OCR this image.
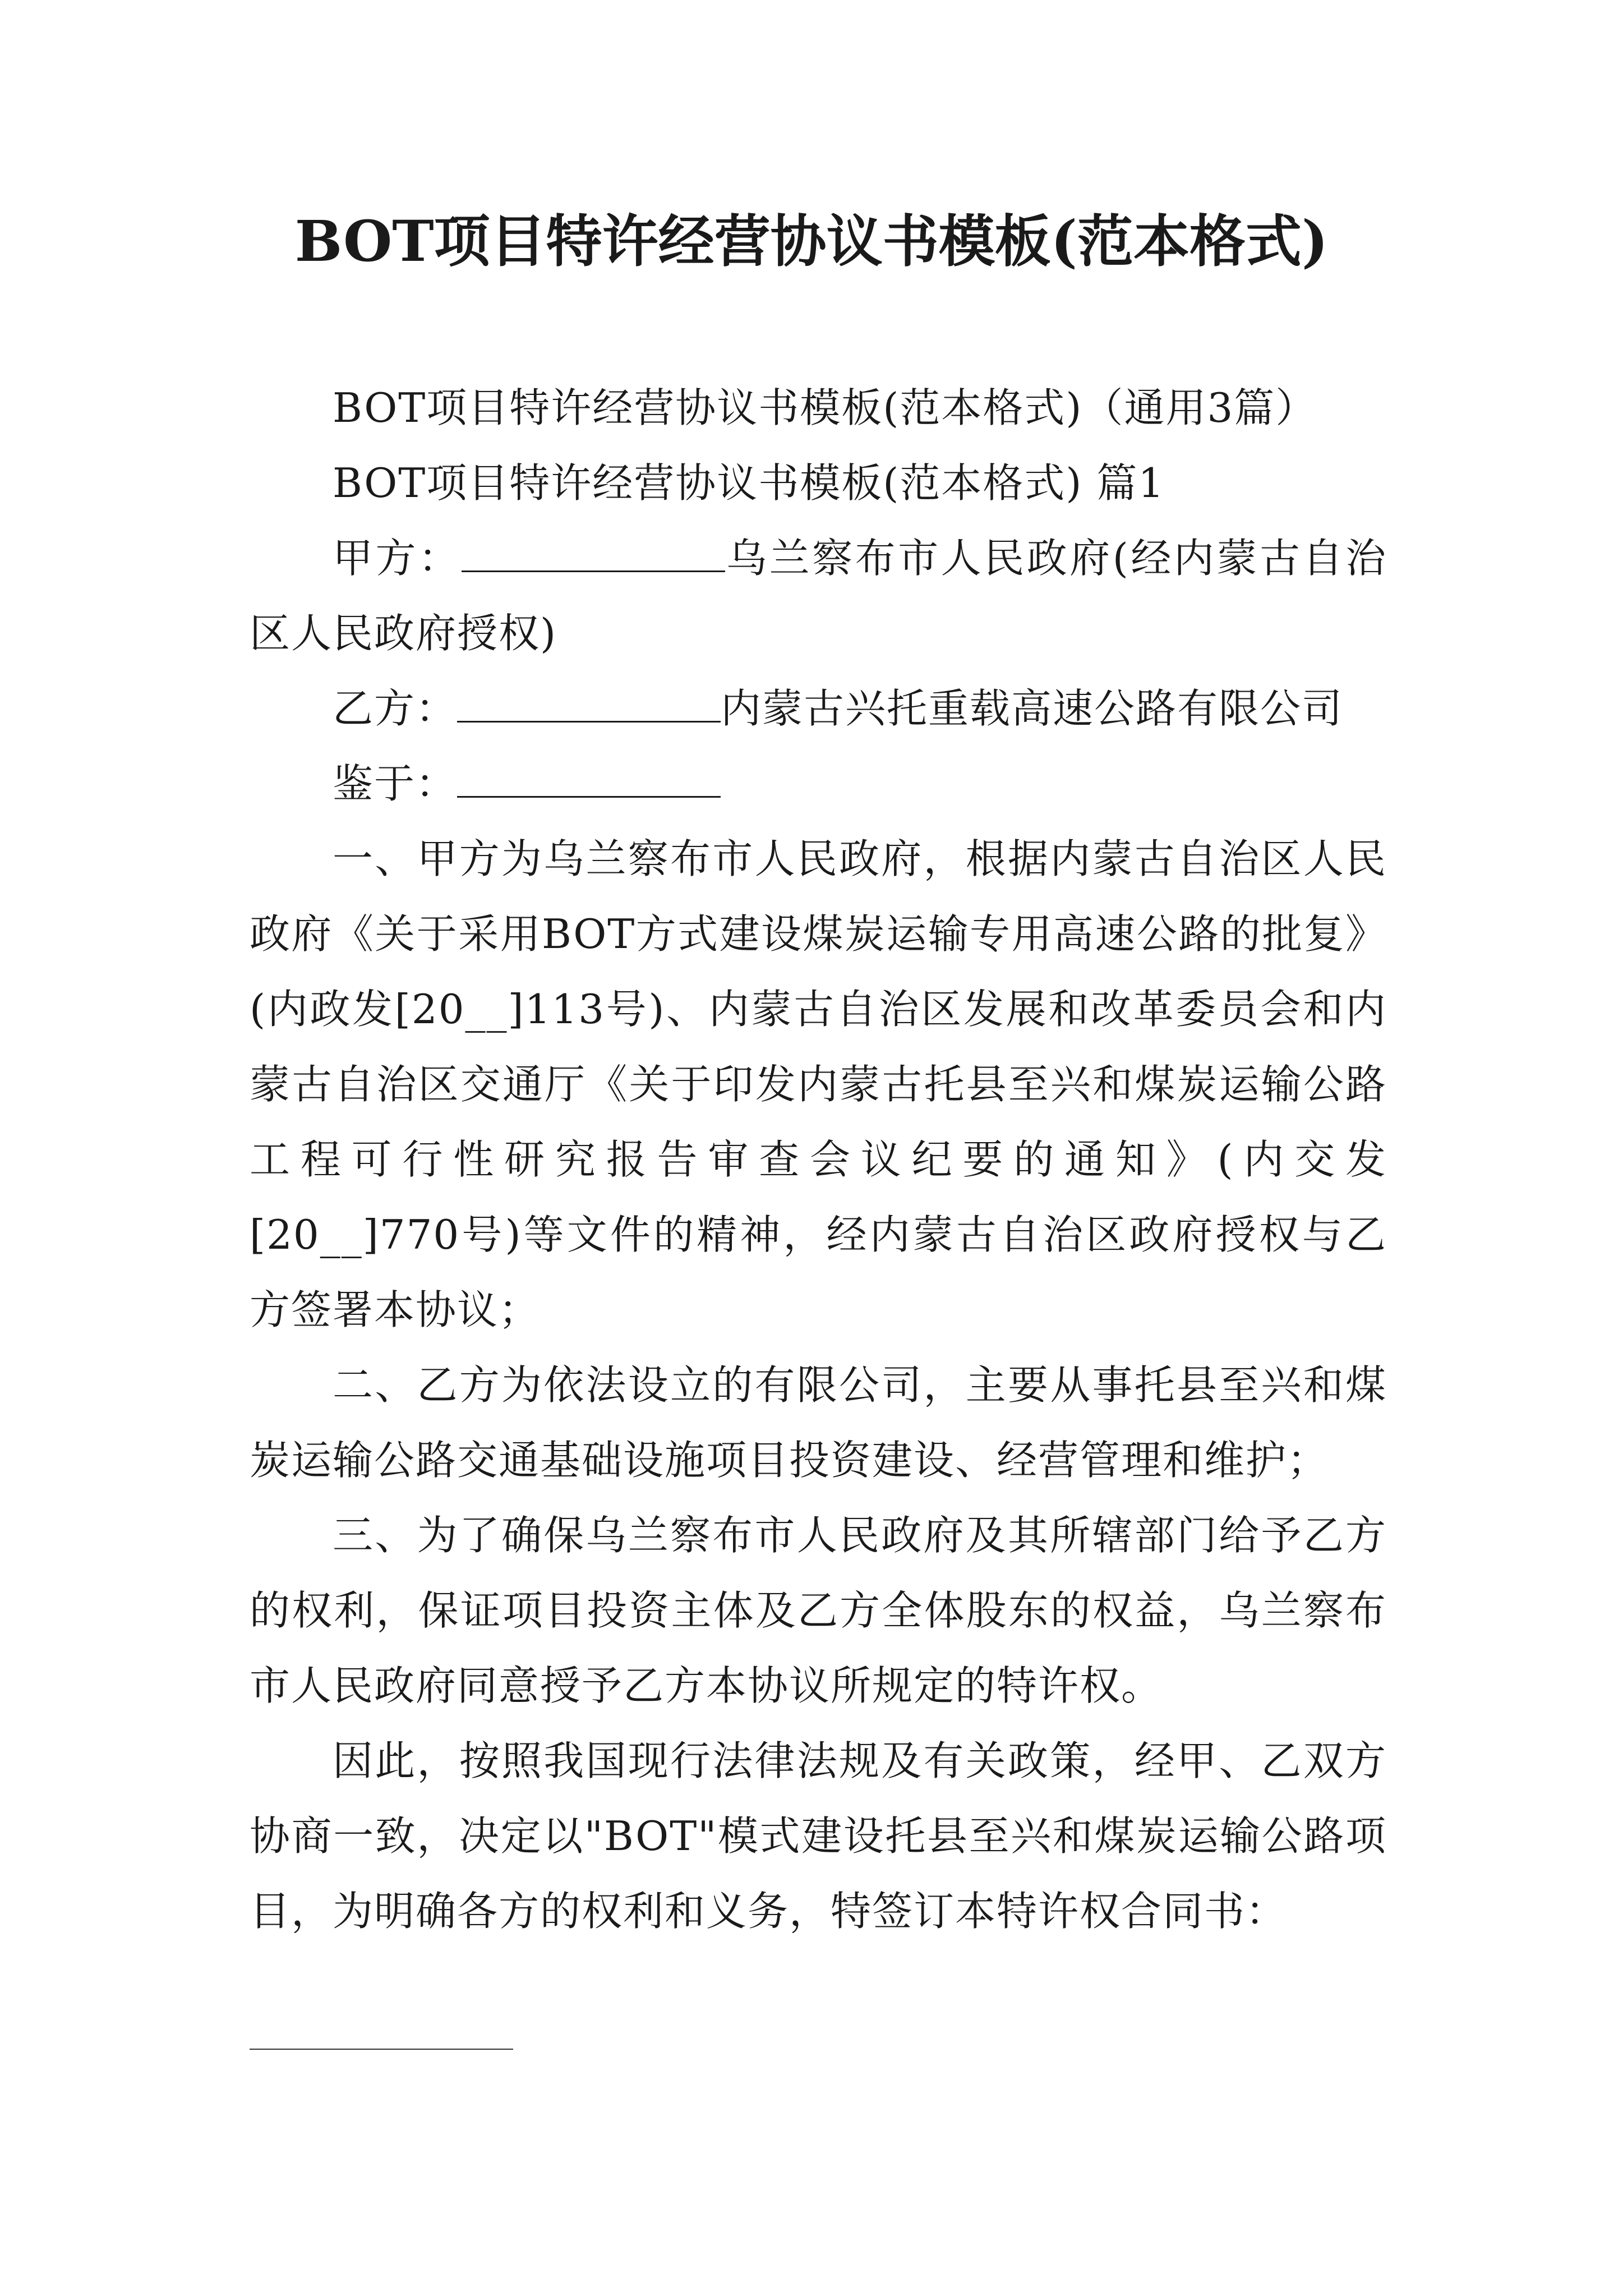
BOT项目特许经营协议书模板(范本格式)

BOT项目特许经营协议书模板(范本格式)（通用3篇）

BOT项目特许经营协议书模板(范本格式) 篇1

甲方：	乌兰察布市人民政府(经内蒙古自治区人民政府授权)

乙方：	内蒙古兴托重载高速公路有限公司

鉴于：

一、甲方为乌兰察布市人民政府，根据内蒙古自治区人民政府《关于采用BOT方式建设煤炭运输专用高速公路的批复》(内政发[20__]113号)、内蒙古自治区发展和改革委员会和内蒙古自治区交通厅《关于印发内蒙古托县至兴和煤炭运输公路工程可行性研究报告审查会议纪要的通知》(内交发[20__]770号)等文件的精神，经内蒙古自治区政府授权与乙方签署本协议；

二、乙方为依法设立的有限公司，主要从事托县至兴和煤炭运输公路交通基础设施项目投资建设、经营管理和维护；

三、为了确保乌兰察布市人民政府及其所辖部门给予乙方的权利，保证项目投资主体及乙方全体股东的权益，乌兰察布市人民政府同意授予乙方本协议所规定的特许权。

因此，按照我国现行法律法规及有关政策，经甲、乙双方协商一致，决定以"BOT"模式建设托县至兴和煤炭运输公路项目，为明确各方的权利和义务，特签订本特许权合同书：
